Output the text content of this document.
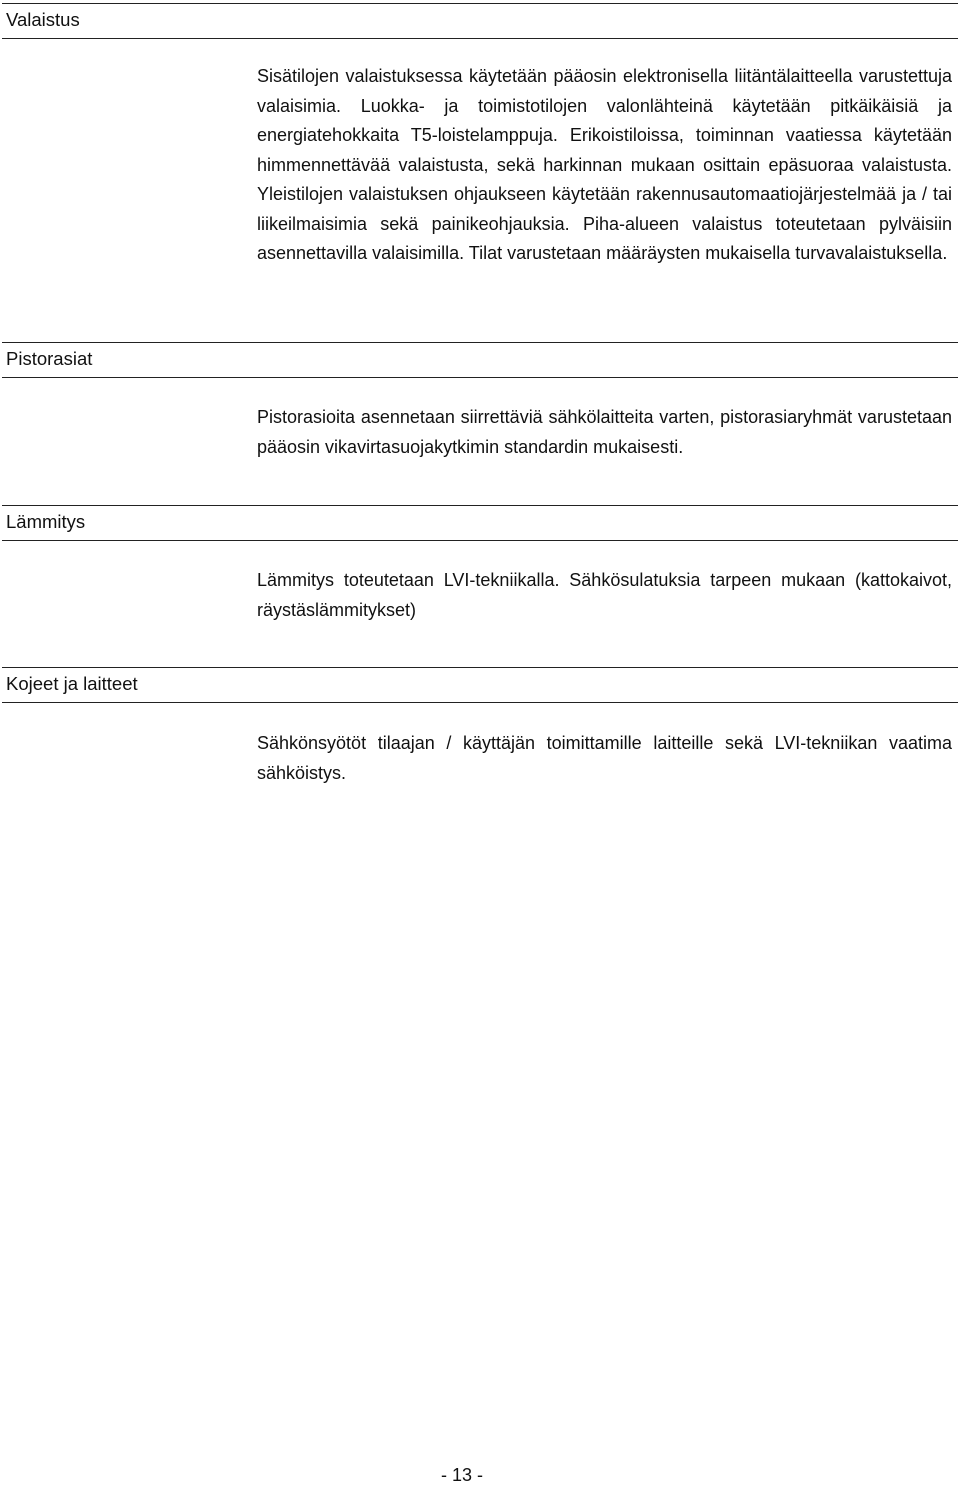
Valaistus

Sisätilojen valaistuksessa käytetään pääosin elektronisella liitäntälaitteella varustettuja valaisimia. Luokka- ja toimistotilojen valonlähteinä käytetään pitkäikäisiä ja energiatehokkaita T5-loistelamppuja. Erikoistiloissa, toiminnan vaatiessa käytetään himmennettävää valaistusta, sekä harkinnan mukaan osittain epäsuoraa valaistusta. Yleistilojen valaistuksen ohjaukseen käytetään rakennusautomaatiojärjestelmää ja / tai liikeilmaisimia sekä painikeohjauksia. Piha-alueen valaistus toteutetaan pylväisiin asennettavilla valaisimilla. Tilat varustetaan määräysten mukaisella turvavalaistuksella.

Pistorasiat

Pistorasioita asennetaan siirrettäviä sähkölaitteita varten, pistorasiaryhmät varustetaan pääosin vikavirtasuojakytkimin standardin mukaisesti.

Lämmitys

Lämmitys toteutetaan LVI-tekniikalla. Sähkösulatuksia tarpeen mukaan (kattokaivot, räystäslämmitykset)

Kojeet ja laitteet

Sähkönsyötöt tilaajan / käyttäjän toimittamille laitteille sekä LVI-tekniikan vaatima sähköistys.

- 13 -
